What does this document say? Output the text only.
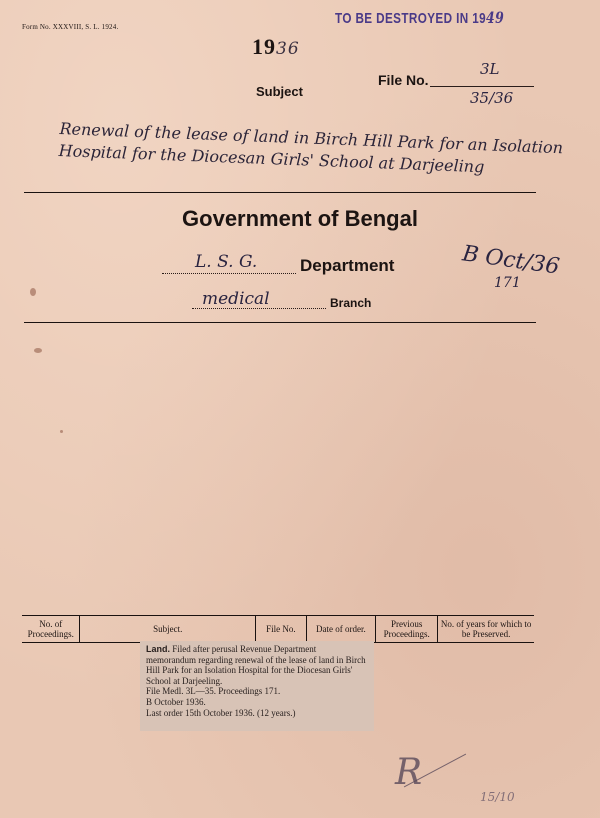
Form No. XXXVIII, S. L. 1924.	TO BE DESTROYED IN 1949
1936
Subject
File No.
3L
35/36
Renewal of the lease of land in Birch Hill Park for an Isolation Hospital for the Diocesan Girls' School at Darjeeling
Government of Bengal
L. S. G.	Department	B Oct/36
171
medical	Branch
No. of Proceedings.	Subject.	File No.	Date of order.	Previous Proceedings.	No. of years for which to be Preserved.
Land. Filed after perusal Revenue Department memorandum regarding renewal of the lease of land in Birch Hill Park for an Isolation Hospital for the Diocesan Girls' School at Darjeeling.
File Medl. 3L—35. Proceedings 171.
B October 1936.
Last order 15th October 1936. (12 years.)
R
15/10
